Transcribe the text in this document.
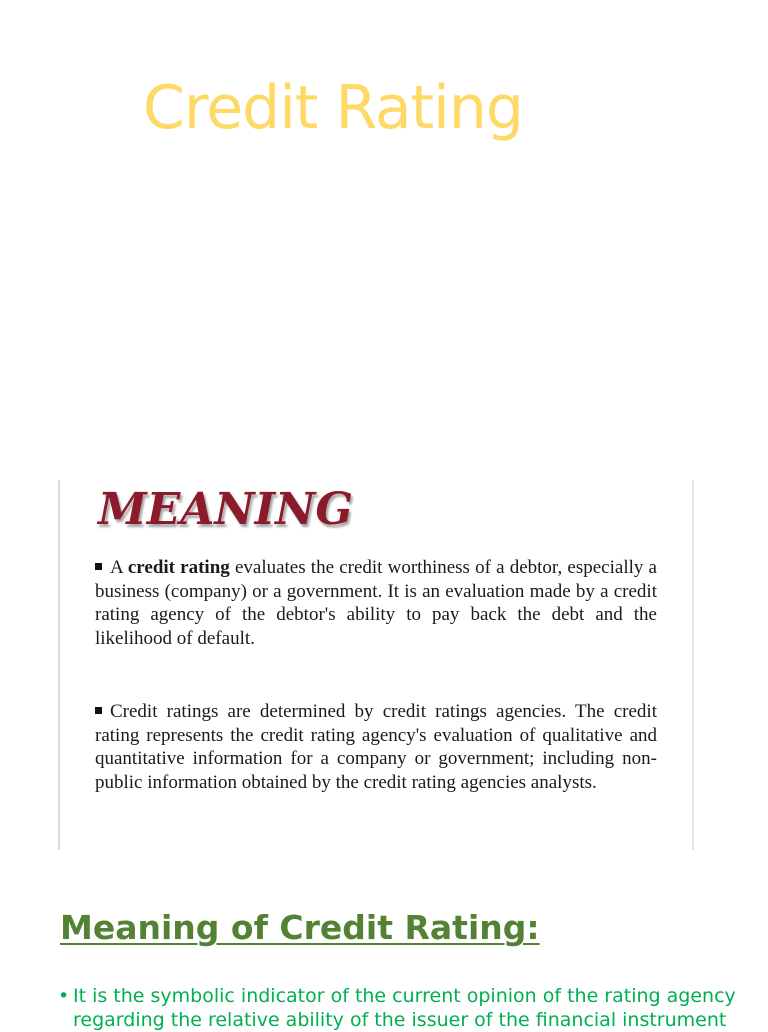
Credit Rating
MEANING

A credit rating evaluates the credit worthiness of a debtor, especially a business (company) or a government. It is an evaluation made by a credit rating agency of the debtor's ability to pay back the debt and the likelihood of default.

Credit ratings are determined by credit ratings agencies. The credit rating represents the credit rating agency's evaluation of qualitative and quantitative information for a company or government; including non-public information obtained by the credit rating agencies analysts.

Meaning of Credit Rating:
• It is the symbolic indicator of the current opinion of the rating agency regarding the relative ability of the issuer of the financial instrument
